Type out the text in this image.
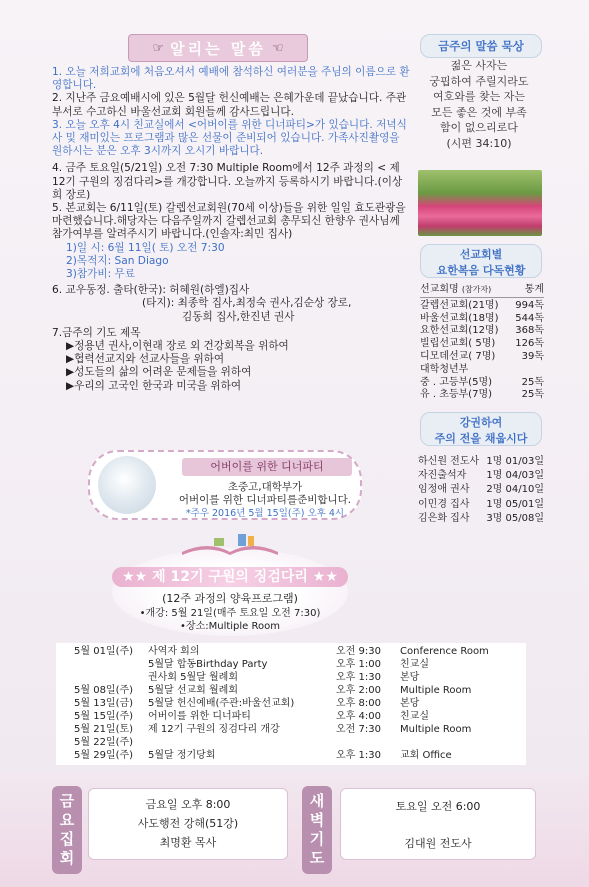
☞ 알리는 말씀 ☜

1. 오늘 저희교회에 처음오셔서 예배에 참석하신 여러분을 주님의 이름으로 환영합니다.

2. 지난주 금요예배시에 있은 5월달 헌신예배는 은혜가운데 끝났습니다. 주관부서로 수고하신 바울선교회 회원들께 감사드립니다.

3. 오늘 오후 4시 친교실에서 <어버이를 위한 디너파티>가 있습니다. 저녁식사 및 재미있는 프로그램과 많은 선물이 준비되어 있습니다. 가족사진촬영을 원하시는 분은 오후 3시까지 오시기 바랍니다.

4. 금주 토요일(5/21일) 오전 7:30 Multiple Room에서 12주 과정의 < 제 12기 구원의 징검다리>를 개강합니다. 오늘까지 등록하시기 바랍니다.(이상희 장로)

5. 본교회는 6/11일(토) 갈렙선교회원(70세 이상)들을 위한 일일 효도관광을 마련했습니다.해당자는 다음주일까지 갈렙선교회 총무되신 한향우 권사님께 참가여부를 알려주시기 바랍니다.(인솔자:최민 집사)

1)일 시: 6월 11일( 토) 오전 7:30

2)목적지: San Diago

3)참가비: 무료

6. 교우동정. 출타(한국): 허혜원(하엘)집사

(타지): 최종학 집사,최정숙 권사,김순상 장로,

김동희 집사,한진년 권사

7.금주의 기도 제목

▶정용년 권사,이현래 장로 외 건강회복을 위하여

▶협력선교지와 선교사들을 위하여

▶성도들의 삶의 어려운 문제들을 위하여

▶우리의 고국인 한국과 미국을 위하여

어버이를 위한 디너파티
초중고,대학부가
어버이를 위한 디너파티를준비합니다.
*주우 2016년 5월 15일(주) 오후 4시
★★ 제 12기 구원의 징검다리 ★★
(12주 과정의 양육프로그램)
•개강: 5월 21일(매주 토요일 오전 7:30)
•장소:Multiple Room
금주의 말씀 묵상
젊은 사자는
궁핍하여 주릴지라도
여호와를 찾는 자는
모든 좋은 것에 부족
함이 없으리로다
(시편 34:10)
선교회별
요한복음 다독현황
선교회명 (참가자)	통계
갈렙선교회(21명) 994독
바울선교회(18명) 544독
요한선교회(12명) 368독
빌립선교회( 5명) 126독
디모데선교( 7명)	39독
대학청년부
중 . 고등부(5명)	25독
유 . 초등부(7명)	25독
강권하여
주의 전을 채웁시다
하신원 전도사 1명 01/03일
자진출석자 1명 04/03일
임정애 권사 2명 04/10일
이민경 집사 1명 05/01일
김은화 집사 3명 05/08일
5월 01일(주) 사역자 회의	오전 9:30 Conference Room
5월달 합동Birthday Party	오후 1:00 친교실
권사회 5월달 월례회	오후 1:30 본당
5월 08일(주) 5월달 선교회 월례회	오후 2:00 Multiple Room
5월 13일(금) 5월달 헌신예배(주관:바울선교회)	오후 8:00 본당
5월 15일(주) 어버이를 위한 디너파티	오후 4:00 친교실
5월 21일(토) 제 12기 구원의 징검다리 개강	오전 7:30 Multiple Room
5월 22일(주)
5월 29일(주) 5월달 정기당회	오후 1:30 교회 Office
금요집회
금요일 오후 8:00
사도행전 강해(51강)
최명환 목사
새벽기도
토요일 오전 6:00
김대원 전도사
